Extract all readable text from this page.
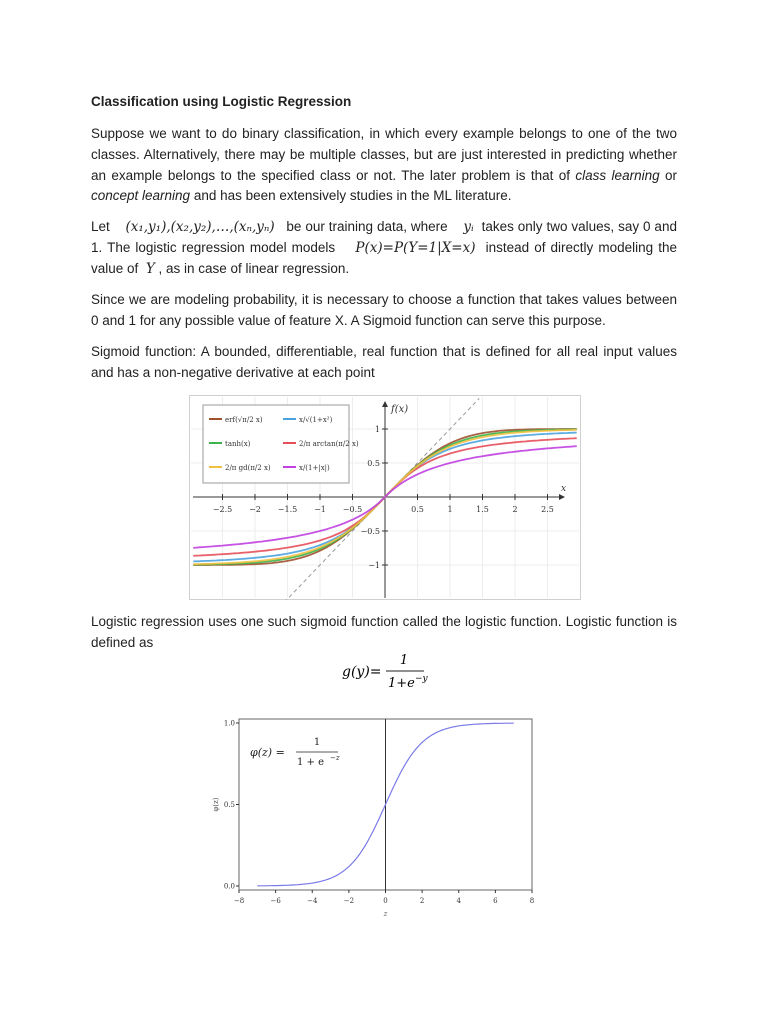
Classification using Logistic Regression
Suppose we want to do binary classification, in which every example belongs to one of the two classes. Alternatively, there may be multiple classes, but are just interested in predicting whether an example belongs to the specified class or not. The later problem is that of class learning or concept learning and has been extensively studies in the ML literature.
Let (x₁,y₁),(x₂,y₂),…,(xₙ,yₙ) be our training data, where yᵢ takes only two values, say 0 and 1. The logistic regression model models P(x)=P(Y=1|X=x) instead of directly modeling the value of Y , as in case of linear regression.
Since we are modeling probability, it is necessary to choose a function that takes values between 0 and 1 for any possible value of feature X. A Sigmoid function can serve this purpose.
Sigmoid function: A bounded, differentiable, real function that is defined for all real input values and has a non-negative derivative at each point
−2.5 −2 −1.5 −1 −0.5	0.5	1	1.5	2	2.5
1
0.5
−0.5
−1
f(x)
x
erf(√π/2 x)	x/√(1+x²)
tanh(x)	2/π arctan(π/2 x)
2/π gd(π/2 x)	x/(1+|x|)
Logistic regression uses one such sigmoid function called the logistic function. Logistic function is defined as
g(y)=
1
1+e −y
−8	−6	−4	−2	0	2	4	6	8
0.0
0.5
1.0
z
φ(z)
φ(z) =
1
1 + e −z
